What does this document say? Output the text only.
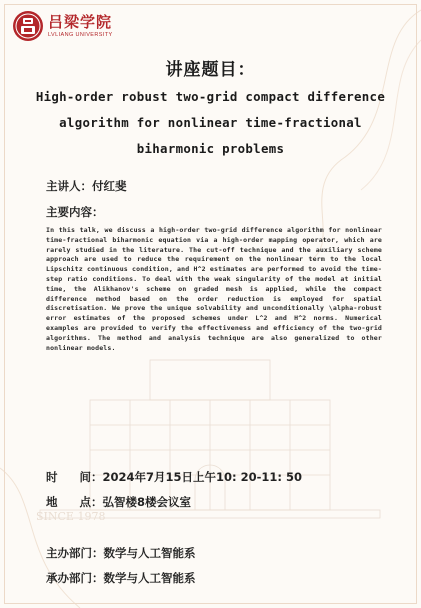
SINCE 1978
吕梁学院
LVLIANG UNIVERSITY
讲座题目：
High-order robust two-grid compact difference algorithm for nonlinear time-fractional biharmonic problems
主讲人：付红斐
主要内容：
In this talk, we discuss a high-order two-grid difference algorithm for nonlinear time-fractional biharmonic equation via a high-order mapping operator, which are rarely studied in the literature. The cut-off technique and the auxiliary scheme approach are used to reduce the requirement on the nonlinear term to the local Lipschitz continuous condition, and H^2 estimates are performed to avoid the time-step ratio conditions. To deal with the weak singularity of the model at initial time, the Alikhanov's scheme on graded mesh is applied, while the compact difference method based on the order reduction is employed for spatial discretisation. We prove the unique solvability and unconditionally \alpha-robust error estimates of the proposed schemes under L^2 and H^2 norms. Numerical examples are provided to verify the effectiveness and efficiency of the two-grid algorithms. The method and analysis technique are also generalized to other nonlinear models.
时 间：2024年7月15日上午10: 20-11: 50
地 点：弘智楼8楼会议室
主办部门：数学与人工智能系
承办部门：数学与人工智能系
